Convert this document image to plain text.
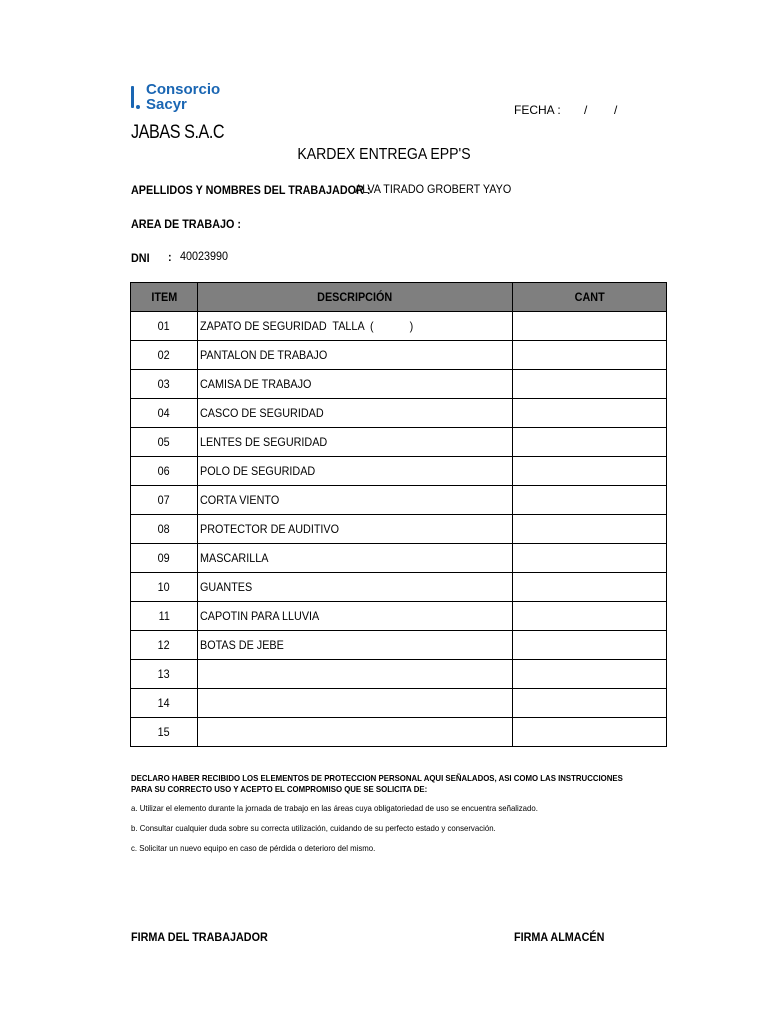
Consorcio
Sacyr
JABAS S.A.C
FECHA : / /
KARDEX ENTREGA EPP'S
APELLIDOS Y NOMBRES DEL TRABAJADOR :
ALVA TIRADO GROBERT YAYO
AREA DE TRABAJO :
DNI : 40023990
ITEM	DESCRIPCIÓN	CANT
01	ZAPATO DE SEGURIDAD  TALLA  (            )	
02	PANTALON DE TRABAJO	
03	CAMISA DE TRABAJO	
04	CASCO DE SEGURIDAD	
05	LENTES DE SEGURIDAD	
06	POLO DE SEGURIDAD	
07	CORTA VIENTO	
08	PROTECTOR DE AUDITIVO	
09	MASCARILLA	
10	GUANTES	
11	CAPOTIN PARA LLUVIA	
12	BOTAS DE JEBE	
13		
14		
15		
DECLARO HABER RECIBIDO LOS ELEMENTOS DE PROTECCION PERSONAL AQUI SEÑALADOS, ASI COMO LAS INSTRUCCIONES PARA SU CORRECTO USO Y ACEPTO EL COMPROMISO QUE SE SOLICITA DE:
a. Utilizar el elemento durante la jornada de trabajo en las áreas cuya obligatoriedad de uso se encuentra señalizado.
b. Consultar cualquier duda sobre su correcta utilización, cuidando de su perfecto estado y conservación.
c. Solicitar un nuevo equipo en caso de pérdida o deterioro del mismo.
FIRMA DEL TRABAJADOR	FIRMA ALMACÉN
